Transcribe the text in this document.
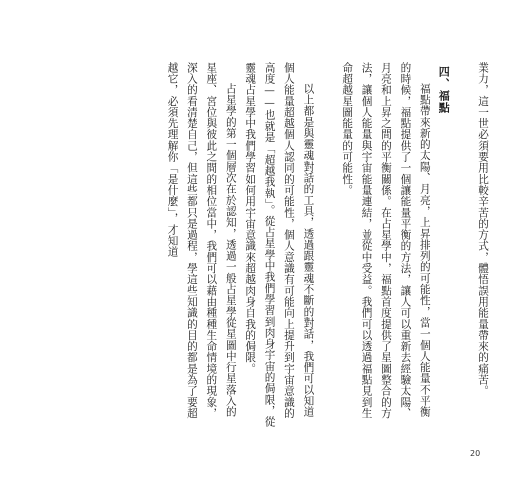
業力，這一世必須要用比較辛苦的方式，體悟誤用能量帶來的痛苦。

四、福點

福點帶來新的太陽、月亮，上昇排列的可能性，當一個人能量不平衡的時候，福點提供了一個讓能量平衡的方法，讓人可以重新去經驗太陽、月亮和上昇之間的平衡關係。在占星學中，福點首度提供了星圖整合的方法，讓個人能量與宇宙能量連結，並從中受益。我們可以透過福點見到生命超越星圖能量的可能性。

以上都是與靈魂對話的工具，透過跟靈魂不斷的對話，我們可以知道個人能量超越個人認同的可能性，個人意識有可能向上提升到宇宙意識的高度——也就是「超越我執」。從占星學中我們學習到肉身宇宙的侷限，從靈魂占星學中我們學習如何用宇宙意識來超越肉身自我的侷限。

占星學的第一個層次在於認知，透過一般占星學從星圖中行星落入的星座、宮位與彼此之間的相位當中，我們可以藉由種種生命情境的現象，深入的看清楚自己，但這些都只是過程，學這些知識的目的都是為了要超越它，必須先理解你「是什麼」，才知道

20
